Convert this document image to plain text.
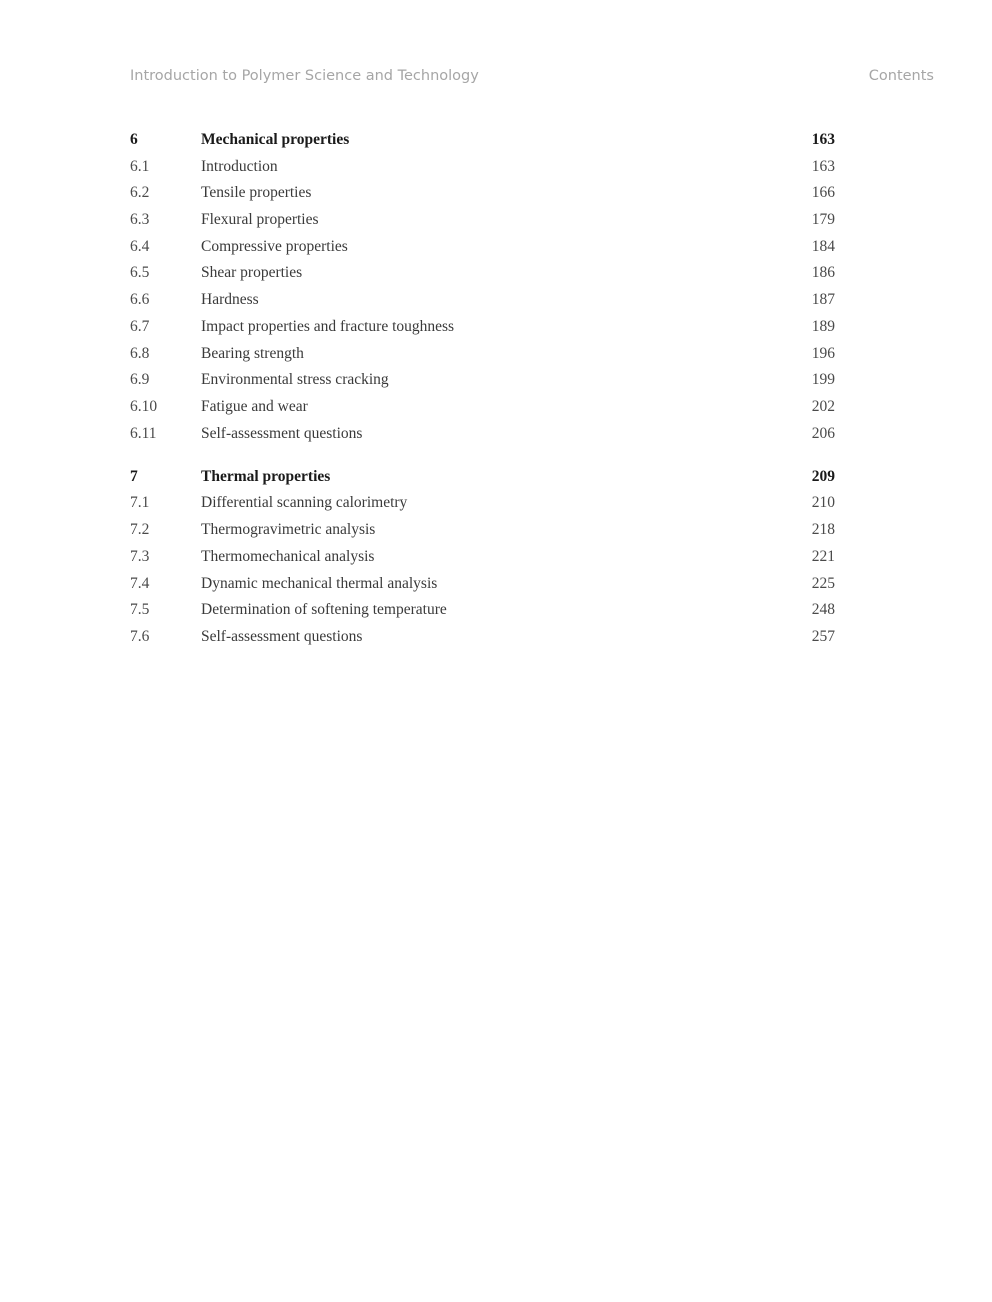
Introduction to Polymer Science and Technology	Contents
6	Mechanical properties	163
6.1	Introduction	163
6.2	Tensile properties	166
6.3	Flexural properties	179
6.4	Compressive properties	184
6.5	Shear properties	186
6.6	Hardness	187
6.7	Impact properties and fracture toughness	189
6.8	Bearing strength	196
6.9	Environmental stress cracking	199
6.10	Fatigue and wear	202
6.11	Self-assessment questions	206
7	Thermal properties	209
7.1	Differential scanning calorimetry	210
7.2	Thermogravimetric analysis	218
7.3	Thermomechanical analysis	221
7.4	Dynamic mechanical thermal analysis	225
7.5	Determination of softening temperature	248
7.6	Self-assessment questions	257
